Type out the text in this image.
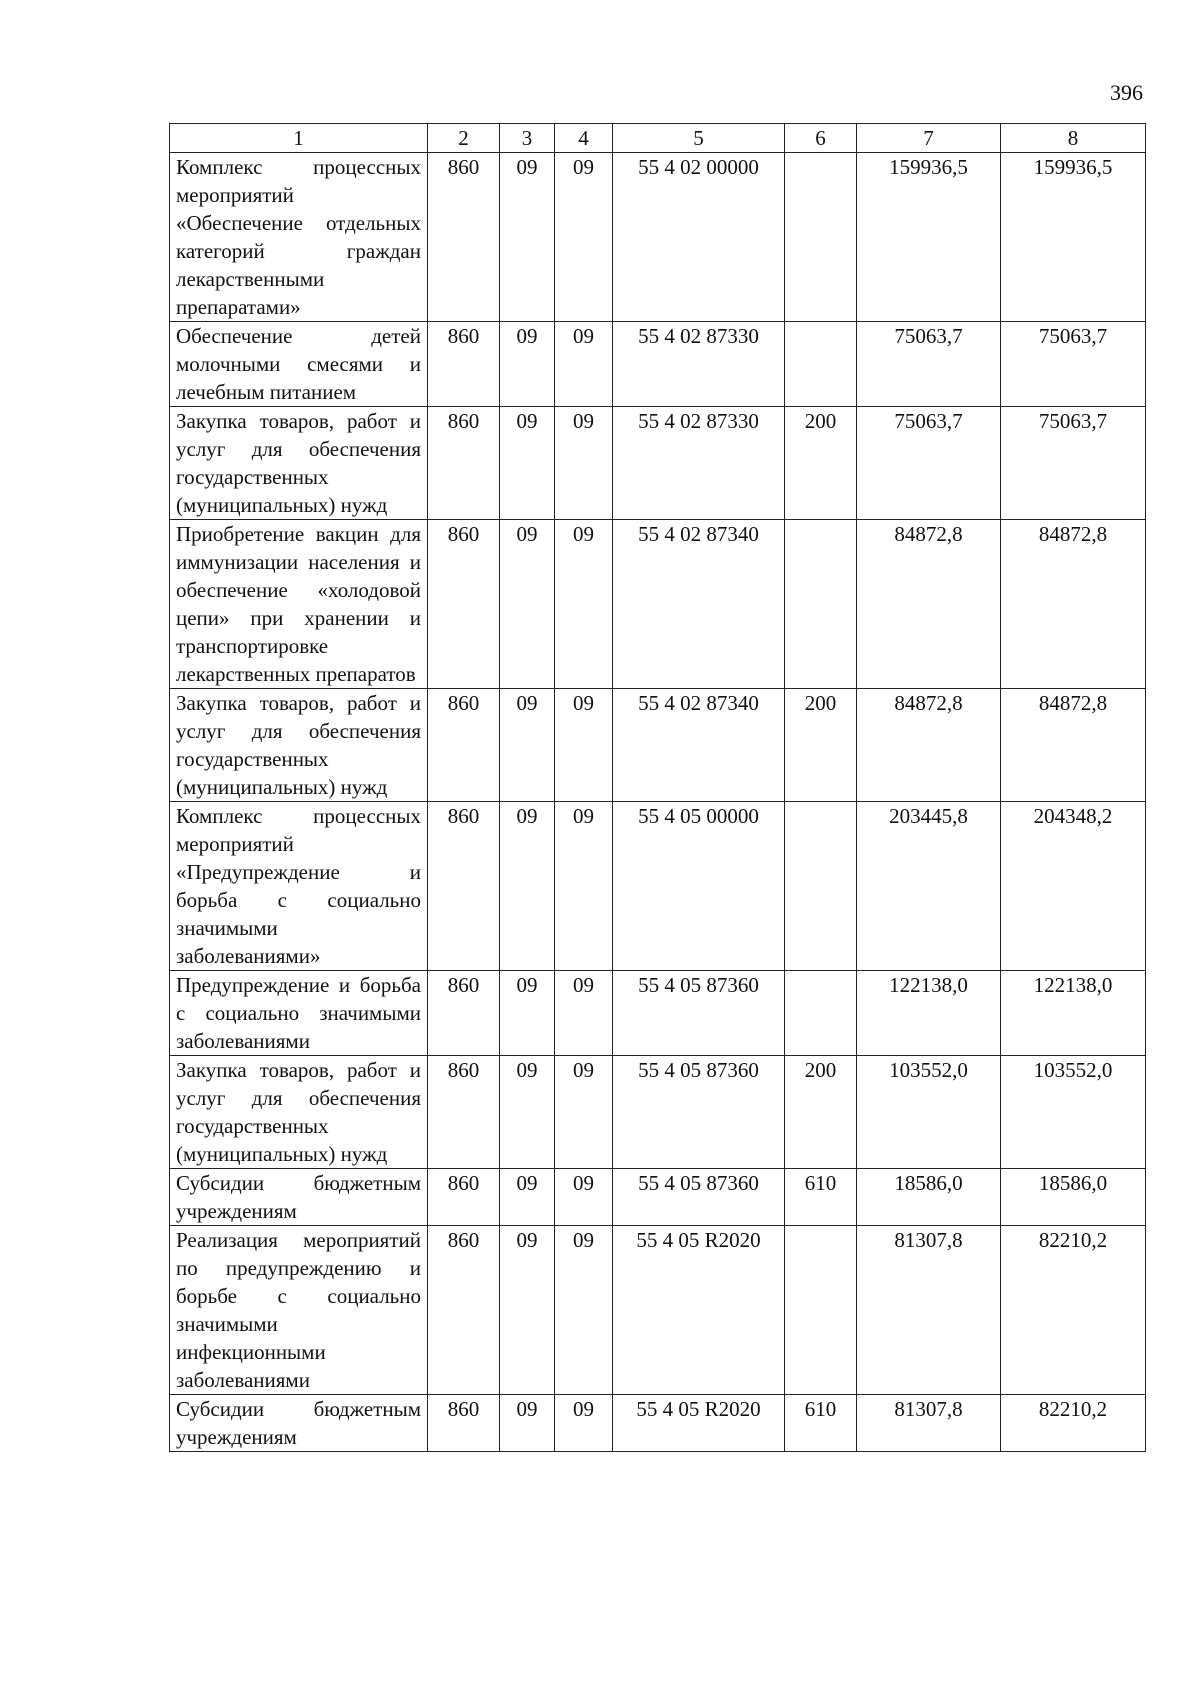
396
1	2	3	4	5	6	7	8
Комплекс процессных мероприятий «Обеспечение отдельных категорий граждан лекарственными препаратами»	860	09	09	55 4 02 00000		159936,5	159936,5
Обеспечение детей молочными смесями и лечебным питанием	860	09	09	55 4 02 87330		75063,7	75063,7
Закупка товаров, работ и услуг для обеспечения государственных (муниципальных) нужд	860	09	09	55 4 02 87330	200	75063,7	75063,7
Приобретение вакцин для иммунизации населения и обеспечение «холодовой цепи» при хранении и транспортировке лекарственных препаратов	860	09	09	55 4 02 87340		84872,8	84872,8
Закупка товаров, работ и услуг для обеспечения государственных (муниципальных) нужд	860	09	09	55 4 02 87340	200	84872,8	84872,8
Комплекс процессных мероприятий «Предупреждение и борьба с социально значимыми заболеваниями»	860	09	09	55 4 05 00000		203445,8	204348,2
Предупреждение и борьба с социально значимыми заболеваниями	860	09	09	55 4 05 87360		122138,0	122138,0
Закупка товаров, работ и услуг для обеспечения государственных (муниципальных) нужд	860	09	09	55 4 05 87360	200	103552,0	103552,0
Субсидии бюджетным учреждениям	860	09	09	55 4 05 87360	610	18586,0	18586,0
Реализация мероприятий по предупреждению и борьбе с социально значимыми инфекционными заболеваниями	860	09	09	55 4 05 R2020		81307,8	82210,2
Субсидии бюджетным учреждениям	860	09	09	55 4 05 R2020	610	81307,8	82210,2
